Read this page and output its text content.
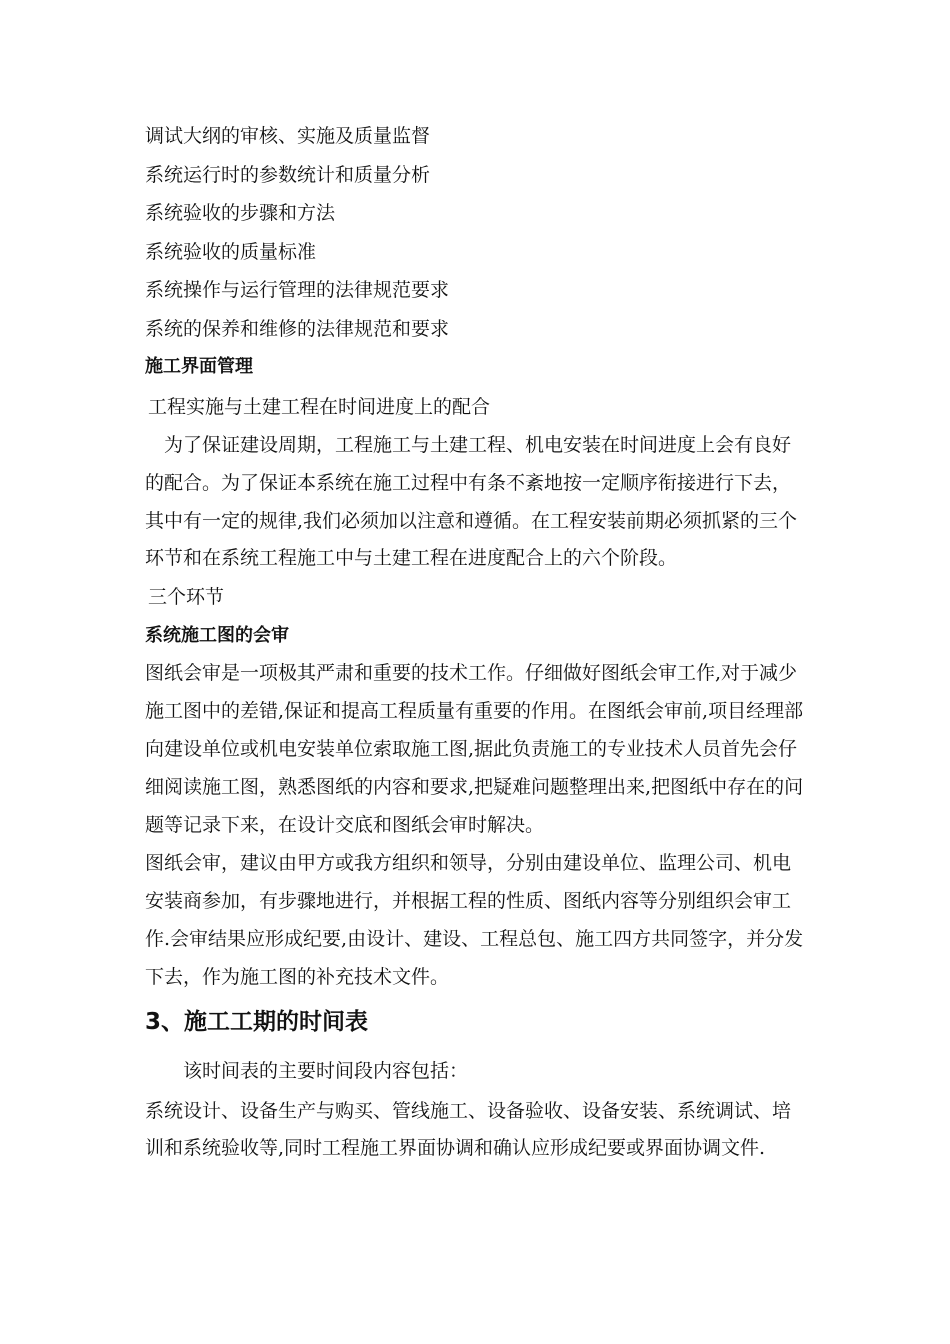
调试大纲的审核、实施及质量监督
系统运行时的参数统计和质量分析
系统验收的步骤和方法
系统验收的质量标准
系统操作与运行管理的法律规范要求
系统的保养和维修的法律规范和要求
施工界面管理
工程实施与土建工程在时间进度上的配合
为了保证建设周期，工程施工与土建工程、机电安装在时间进度上会有良好
的配合。为了保证本系统在施工过程中有条不紊地按一定顺序衔接进行下去，
其中有一定的规律,我们必须加以注意和遵循。在工程安装前期必须抓紧的三个
环节和在系统工程施工中与土建工程在进度配合上的六个阶段。
三个环节
系统施工图的会审
图纸会审是一项极其严肃和重要的技术工作。仔细做好图纸会审工作,对于减少
施工图中的差错,保证和提高工程质量有重要的作用。在图纸会审前,项目经理部
向建设单位或机电安装单位索取施工图,据此负责施工的专业技术人员首先会仔
细阅读施工图，熟悉图纸的内容和要求,把疑难问题整理出来,把图纸中存在的问
题等记录下来，在设计交底和图纸会审时解决。
图纸会审，建议由甲方或我方组织和领导，分别由建设单位、监理公司、机电
安装商参加，有步骤地进行，并根据工程的性质、图纸内容等分别组织会审工
作.会审结果应形成纪要,由设计、建设、工程总包、施工四方共同签字，并分发
下去，作为施工图的补充技术文件。
3、施工工期的时间表
该时间表的主要时间段内容包括：
系统设计、设备生产与购买、管线施工、设备验收、设备安装、系统调试、培
训和系统验收等,同时工程施工界面协调和确认应形成纪要或界面协调文件.
